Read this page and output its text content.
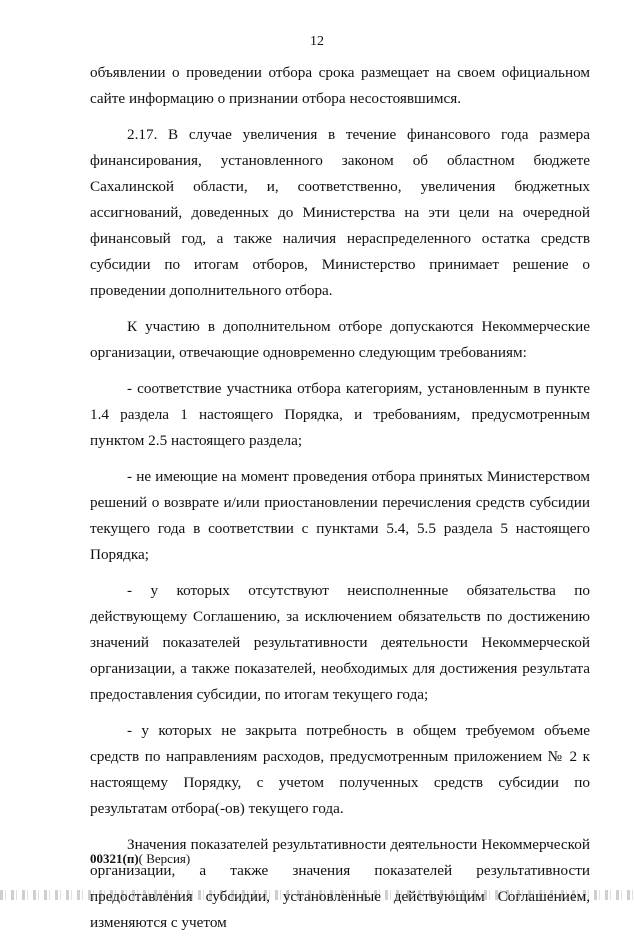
12

объявлении о проведении отбора срока размещает на своем официальном сайте информацию о признании отбора несостоявшимся.

2.17. В случае увеличения в течение финансового года размера финансирования, установленного законом об областном бюджете Сахалинской области, и, соответственно, увеличения бюджетных ассигнований, доведенных до Министерства на эти цели на очередной финансовый год, а также наличия нераспределенного остатка средств субсидии по итогам отборов, Министерство принимает решение о проведении дополнительного отбора.

К участию в дополнительном отборе допускаются Некоммерческие организации, отвечающие одновременно следующим требованиям:

- соответствие участника отбора категориям, установленным в пункте 1.4 раздела 1 настоящего Порядка, и требованиям, предусмотренным пунктом 2.5 настоящего раздела;

- не имеющие на момент проведения отбора принятых Министерством решений о возврате и/или приостановлении перечисления средств субсидии текущего года в соответствии с пунктами 5.4, 5.5 раздела 5 настоящего Порядка;

- у которых отсутствуют неисполненные обязательства по действующему Соглашению, за исключением обязательств по достижению значений показателей результативности деятельности Некоммерческой организации, а также показателей, необходимых для достижения результата предоставления субсидии, по итогам текущего года;

- у которых не закрыта потребность в общем требуемом объеме средств по направлениям расходов, предусмотренным приложением № 2 к настоящему Порядку, с учетом полученных средств субсидии по результатам отбора(-ов) текущего года.

Значения показателей результативности деятельности Некоммерческой организации, а также значения показателей результативности предоставления субсидии, установленные действующим Соглашением, изменяются с учетом

00321(п)( Версия)
